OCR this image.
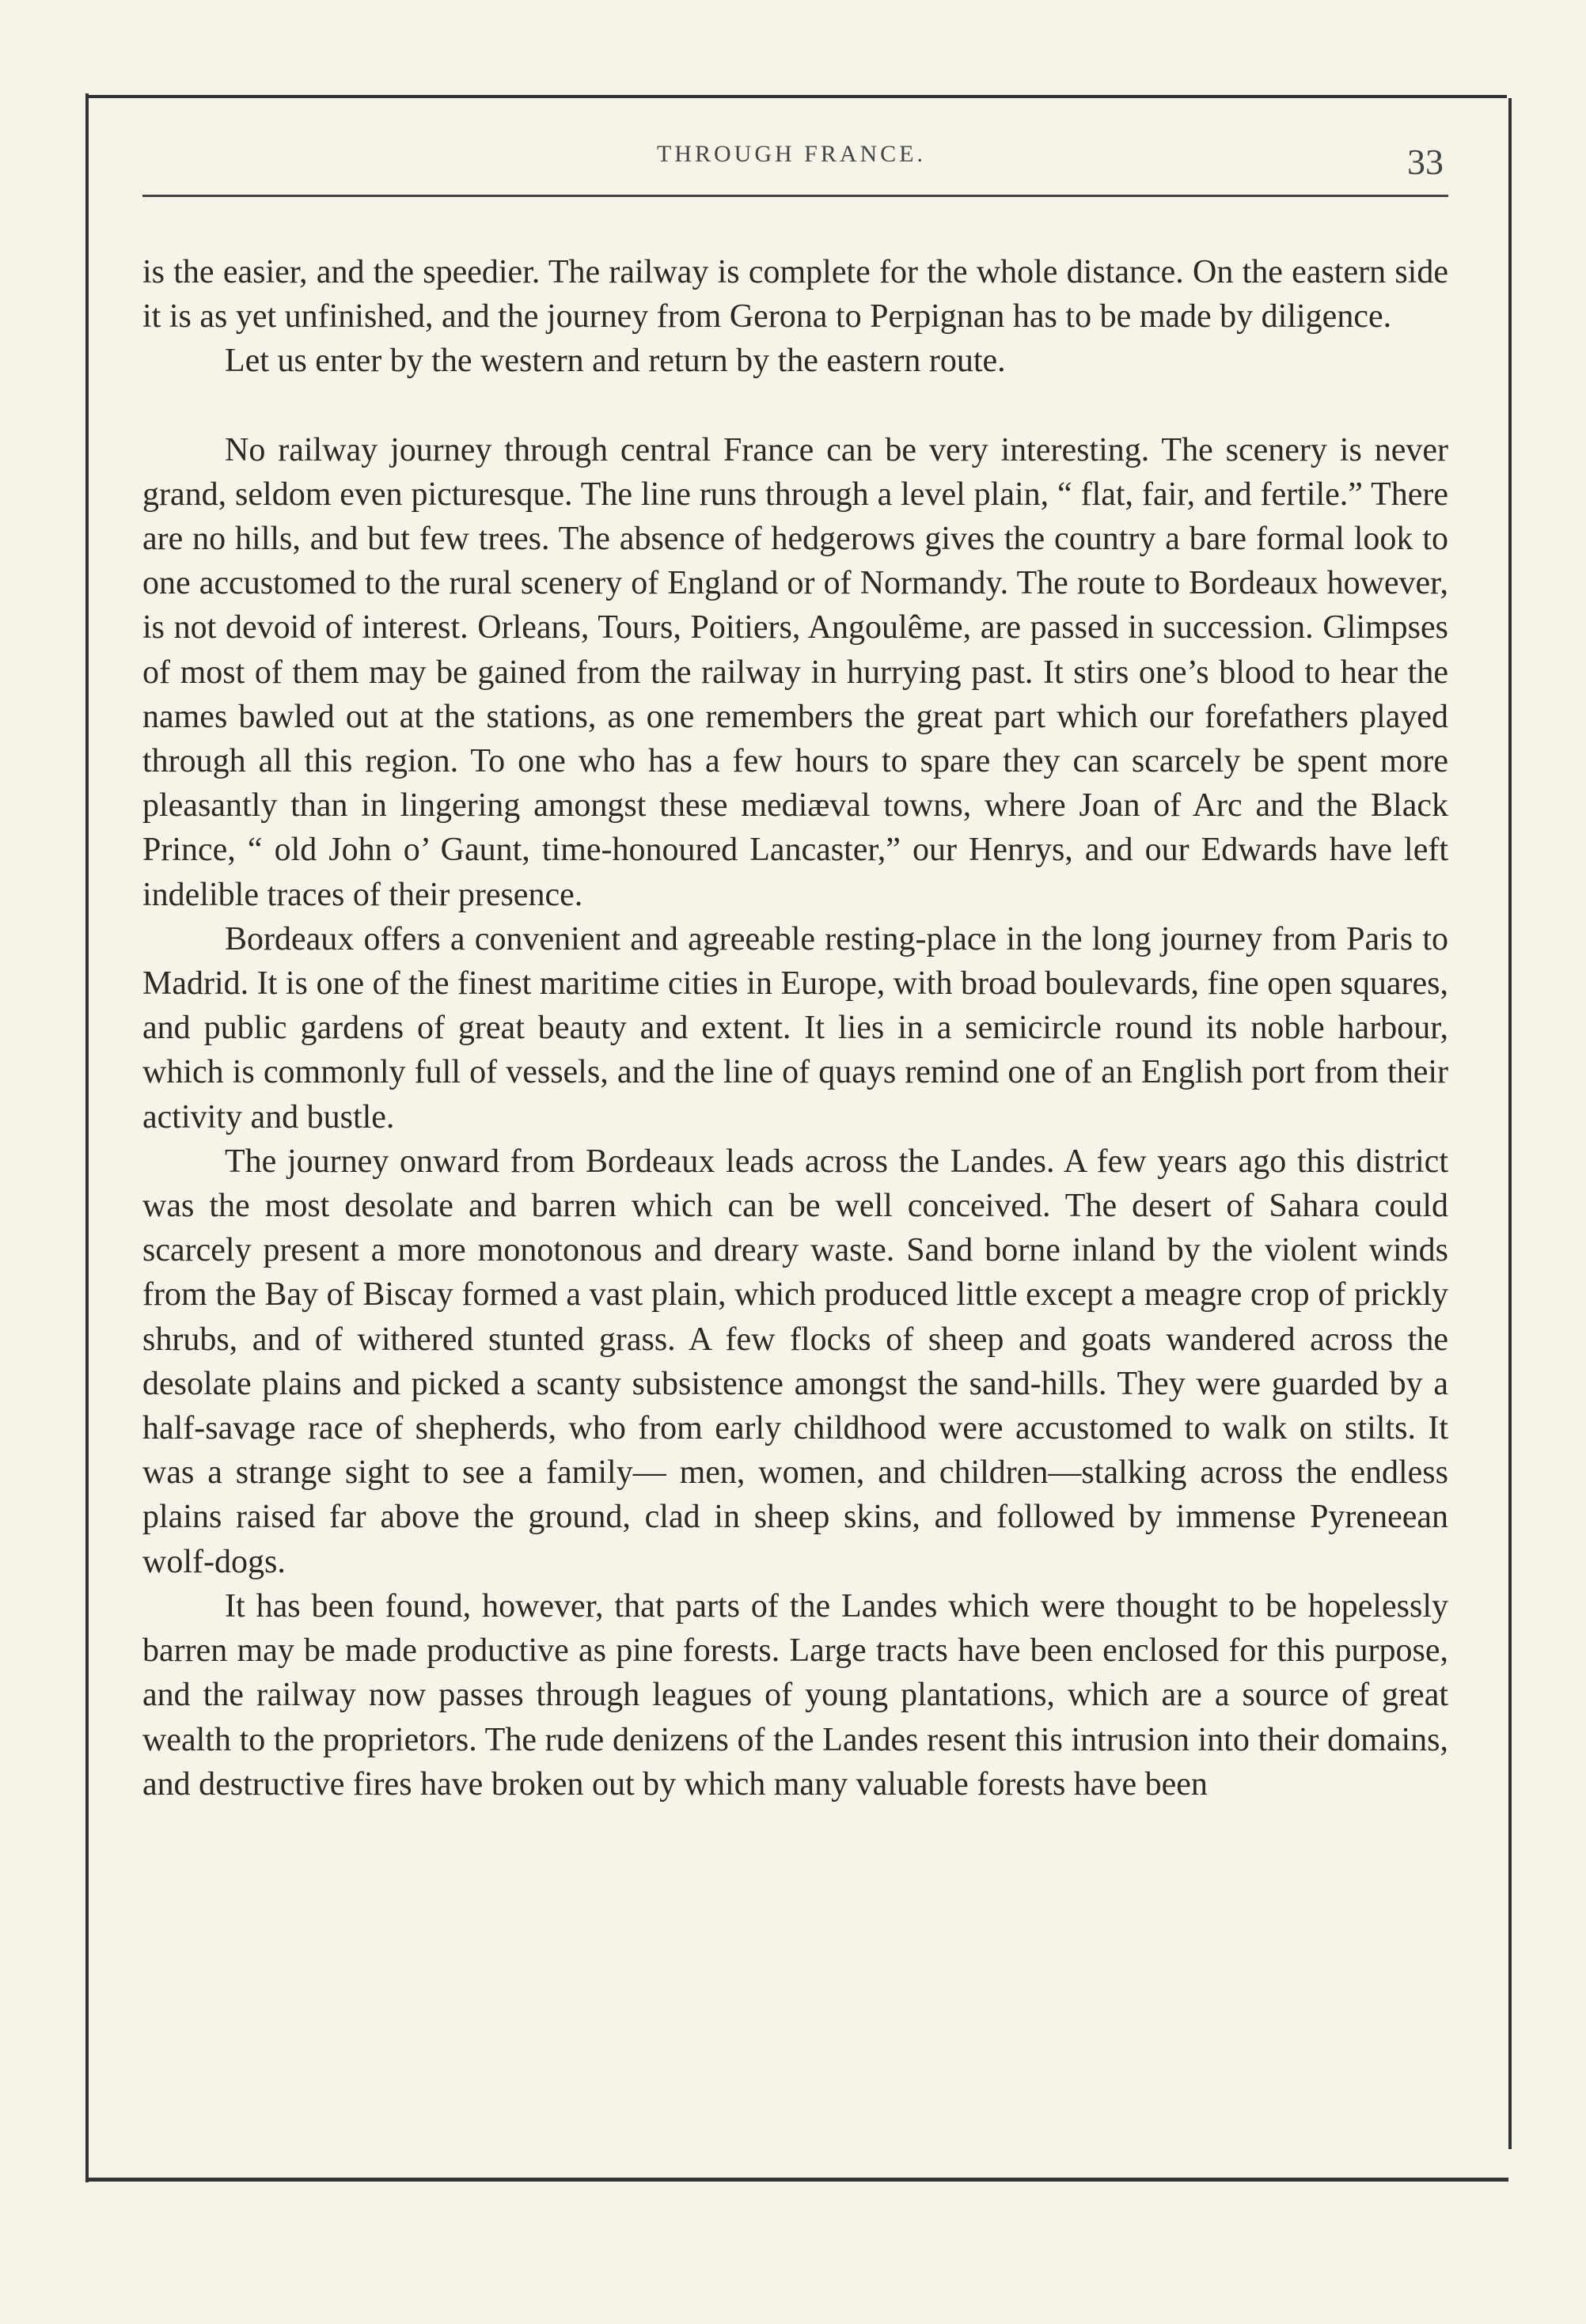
THROUGH FRANCE.	33

is the easier, and the speedier. The railway is complete for the whole distance. On the eastern side it is as yet unfinished, and the journey from Gerona to Perpignan has to be made by diligence.

Let us enter by the western and return by the eastern route.

No railway journey through central France can be very interesting. The scenery is never grand, seldom even picturesque. The line runs through a level plain, “ flat, fair, and fertile.” There are no hills, and but few trees. The absence of hedgerows gives the country a bare formal look to one accustomed to the rural scenery of England or of Normandy. The route to Bordeaux however, is not devoid of interest. Orleans, Tours, Poitiers, Angoulême, are passed in succession. Glimpses of most of them may be gained from the railway in hurrying past. It stirs one’s blood to hear the names bawled out at the stations, as one remembers the great part which our forefathers played through all this region. To one who has a few hours to spare they can scarcely be spent more pleasantly than in lingering amongst these mediæval towns, where Joan of Arc and the Black Prince, “ old John o’ Gaunt, time-honoured Lancaster,” our Henrys, and our Edwards have left indelible traces of their presence.

Bordeaux offers a convenient and agreeable resting-place in the long journey from Paris to Madrid. It is one of the finest maritime cities in Europe, with broad boulevards, fine open squares, and public gardens of great beauty and extent. It lies in a semicircle round its noble harbour, which is commonly full of vessels, and the line of quays remind one of an English port from their activity and bustle.

The journey onward from Bordeaux leads across the Landes. A few years ago this district was the most desolate and barren which can be well conceived. The desert of Sahara could scarcely present a more monotonous and dreary waste. Sand borne inland by the violent winds from the Bay of Biscay formed a vast plain, which produced little except a meagre crop of prickly shrubs, and of withered stunted grass. A few flocks of sheep and goats wandered across the desolate plains and picked a scanty subsistence amongst the sand-hills. They were guarded by a half-savage race of shepherds, who from early childhood were accustomed to walk on stilts. It was a strange sight to see a family— men, women, and children—stalking across the endless plains raised far above the ground, clad in sheep skins, and followed by immense Pyreneean wolf-dogs.

It has been found, however, that parts of the Landes which were thought to be hopelessly barren may be made productive as pine forests. Large tracts have been enclosed for this purpose, and the railway now passes through leagues of young plantations, which are a source of great wealth to the proprietors. The rude denizens of the Landes resent this intrusion into their domains, and destructive fires have broken out by which many valuable forests have been
